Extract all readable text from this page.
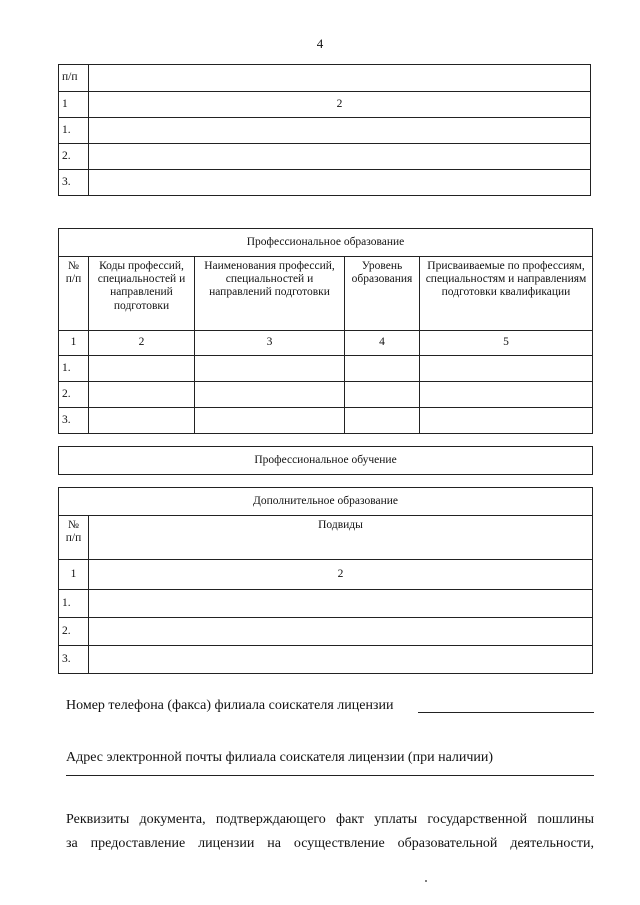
4
п/п	
1	2
1.	
2.	
3.	
Профессиональное образование				
№ п/п	Коды профессий, специальностей и направлений подготовки	Наименования профессий, специальностей и направлений подготовки	Уровень образования	Присваиваемые по профессиям, специальностям и направлениям подготовки квалификации
1	2	3	4	5
1.				
2.				
3.				
Профессиональное обучение
Дополнительное образование	
№ п/п	Подвиды
1	2
1.	
2.	
3.	
Номер телефона (факса) филиала соискателя лицензии
Адрес электронной почты филиала соискателя лицензии (при наличии)
Реквизиты документа, подтверждающего факт уплаты государственной пошлины
за предоставление лицензии на осуществление образовательной деятельности,
